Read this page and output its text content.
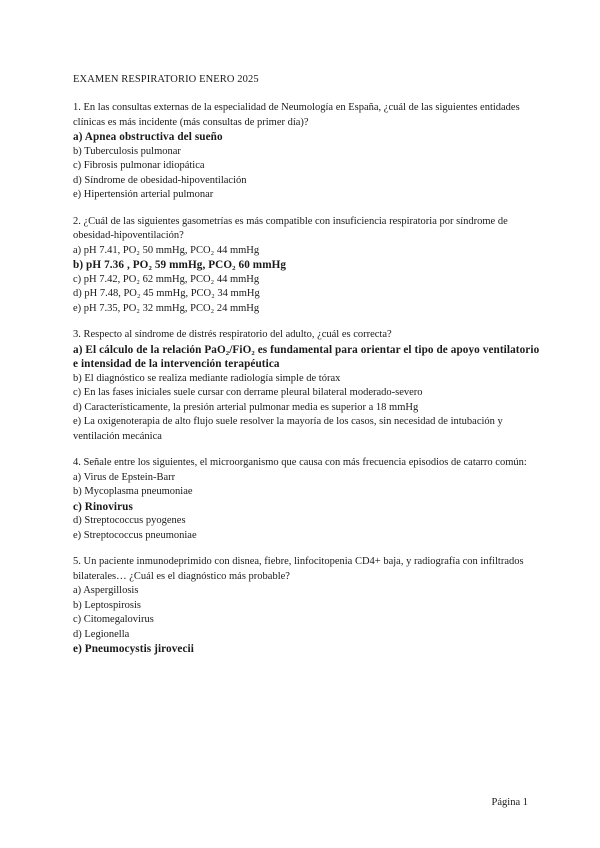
EXAMEN RESPIRATORIO ENERO 2025

1. En las consultas externas de la especialidad de Neumología en España, ¿cuál de las siguientes entidades clínicas es más incidente (más consultas de primer día)?

a) Apnea obstructiva del sueño
b) Tuberculosis pulmonar
c) Fibrosis pulmonar idiopática
d) Síndrome de obesidad-hipoventilación
e) Hipertensión arterial pulmonar

2. ¿Cuál de las siguientes gasometrías es más compatible con insuficiencia respiratoria por síndrome de obesidad-hipoventilación?

a) pH 7.41, PO₂ 50 mmHg, PCO₂ 44 mmHg
b) pH 7.36 , PO₂ 59 mmHg, PCO₂ 60 mmHg
c) pH 7.42, PO₂ 62 mmHg, PCO₂ 44 mmHg
d) pH 7.48, PO₂ 45 mmHg, PCO₂ 34 mmHg
e) pH 7.35, PO₂ 32 mmHg, PCO₂ 24 mmHg

3. Respecto al síndrome de distrés respiratorio del adulto, ¿cuál es correcta?

a) El cálculo de la relación PaO₂/FiO₂ es fundamental para orientar el tipo de apoyo ventilatorio e intensidad de la intervención terapéutica
b) El diagnóstico se realiza mediante radiología simple de tórax
c) En las fases iniciales suele cursar con derrame pleural bilateral moderado-severo
d) Característicamente, la presión arterial pulmonar media es superior a 18 mmHg
e) La oxigenoterapia de alto flujo suele resolver la mayoría de los casos, sin necesidad de intubación y ventilación mecánica

4. Señale entre los siguientes, el microorganismo que causa con más frecuencia episodios de catarro común:

a) Virus de Epstein-Barr
b) Mycoplasma pneumoniae
c) Rinovirus
d) Streptococcus pyogenes
e) Streptococcus pneumoniae

5. Un paciente inmunodeprimido con disnea, fiebre, linfocitopenia CD4+ baja, y radiografía con infiltrados bilaterales… ¿Cuál es el diagnóstico más probable?

a) Aspergillosis
b) Leptospirosis
c) Citomegalovirus
d) Legionella
e) Pneumocystis jirovecii
Página 1
